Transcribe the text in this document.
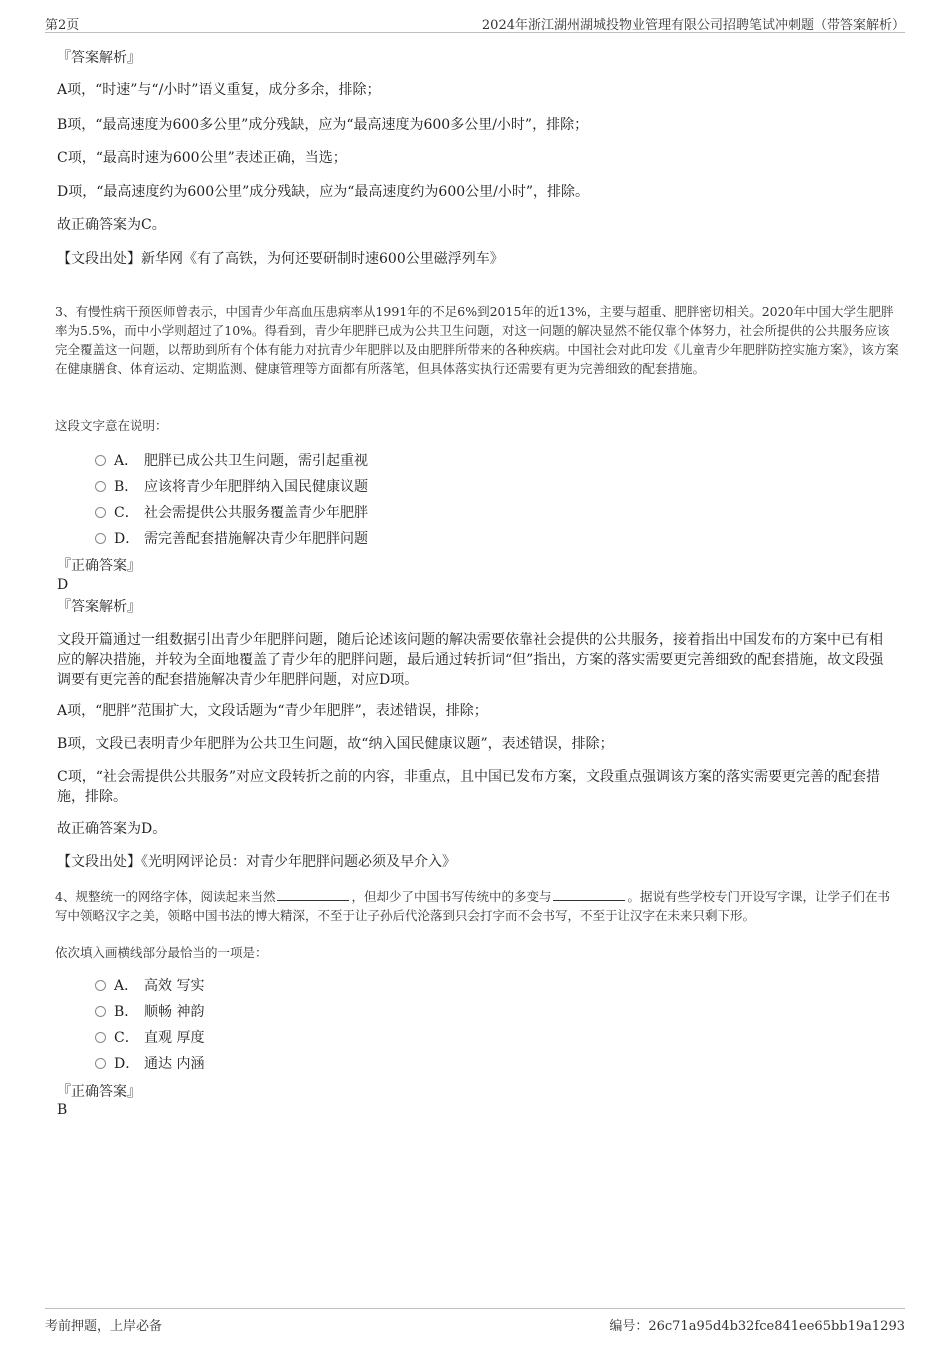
第2页	2024年浙江湖州湖城投物业管理有限公司招聘笔试冲刺题（带答案解析）
『答案解析』
A项，“时速”与“/小时”语义重复，成分多余，排除；
B项，“最高速度为600多公里”成分残缺，应为“最高速度为600多公里/小时”，排除；
C项，“最高时速为600公里”表述正确，当选；
D项，“最高速度约为600公里”成分残缺，应为“最高速度约为600公里/小时”，排除。
故正确答案为C。
【文段出处】新华网《有了高铁，为何还要研制时速600公里磁浮列车》
3、有慢性病干预医师曾表示，中国青少年高血压患病率从1991年的不足6%到2015年的近13%，主要与超重、肥胖密切相关。2020年中国大学生肥胖率为5.5%，而中小学则超过了10%。得看到，青少年肥胖已成为公共卫生问题，对这一问题的解决显然不能仅靠个体努力，社会所提供的公共服务应该完全覆盖这一问题，以帮助到所有个体有能力对抗青少年肥胖以及由肥胖所带来的各种疾病。中国社会对此印发《儿童青少年肥胖防控实施方案》，该方案在健康膳食、体育运动、定期监测、健康管理等方面都有所落笔，但具体落实执行还需要有更为完善细致的配套措施。
这段文字意在说明：
A． 肥胖已成公共卫生问题，需引起重视
B． 应该将青少年肥胖纳入国民健康议题
C． 社会需提供公共服务覆盖青少年肥胖
D． 需完善配套措施解决青少年肥胖问题
『正确答案』
D
『答案解析』
文段开篇通过一组数据引出青少年肥胖问题，随后论述该问题的解决需要依靠社会提供的公共服务，接着指出中国发布的方案中已有相应的解决措施，并较为全面地覆盖了青少年的肥胖问题，最后通过转折词“但”指出，方案的落实需要更完善细致的配套措施，故文段强调要有更完善的配套措施解决青少年肥胖问题，对应D项。
A项，“肥胖”范围扩大，文段话题为“青少年肥胖”，表述错误，排除；
B项，文段已表明青少年肥胖为公共卫生问题，故“纳入国民健康议题”，表述错误，排除；
C项，“社会需提供公共服务”对应文段转折之前的内容，非重点，且中国已发布方案，文段重点强调该方案的落实需要更完善的配套措施，排除。
故正确答案为D。
【文段出处】《光明网评论员：对青少年肥胖问题必须及早介入》
4、规整统一的网络字体，阅读起来当然	，但却少了中国书写传统中的多变与	。据说有些学校专门开设写字课，让学子们在书写中领略汉字之美，领略中国书法的博大精深，不至于让子孙后代沦落到只会打字而不会书写，不至于让汉字在未来只剩下形。
依次填入画横线部分最恰当的一项是：
A． 高效 写实
B． 顺畅 神韵
C． 直观 厚度
D． 通达 内涵
『正确答案』
B
考前押题，上岸必备	编号：26c71a95d4b32fce841ee65bb19a1293
